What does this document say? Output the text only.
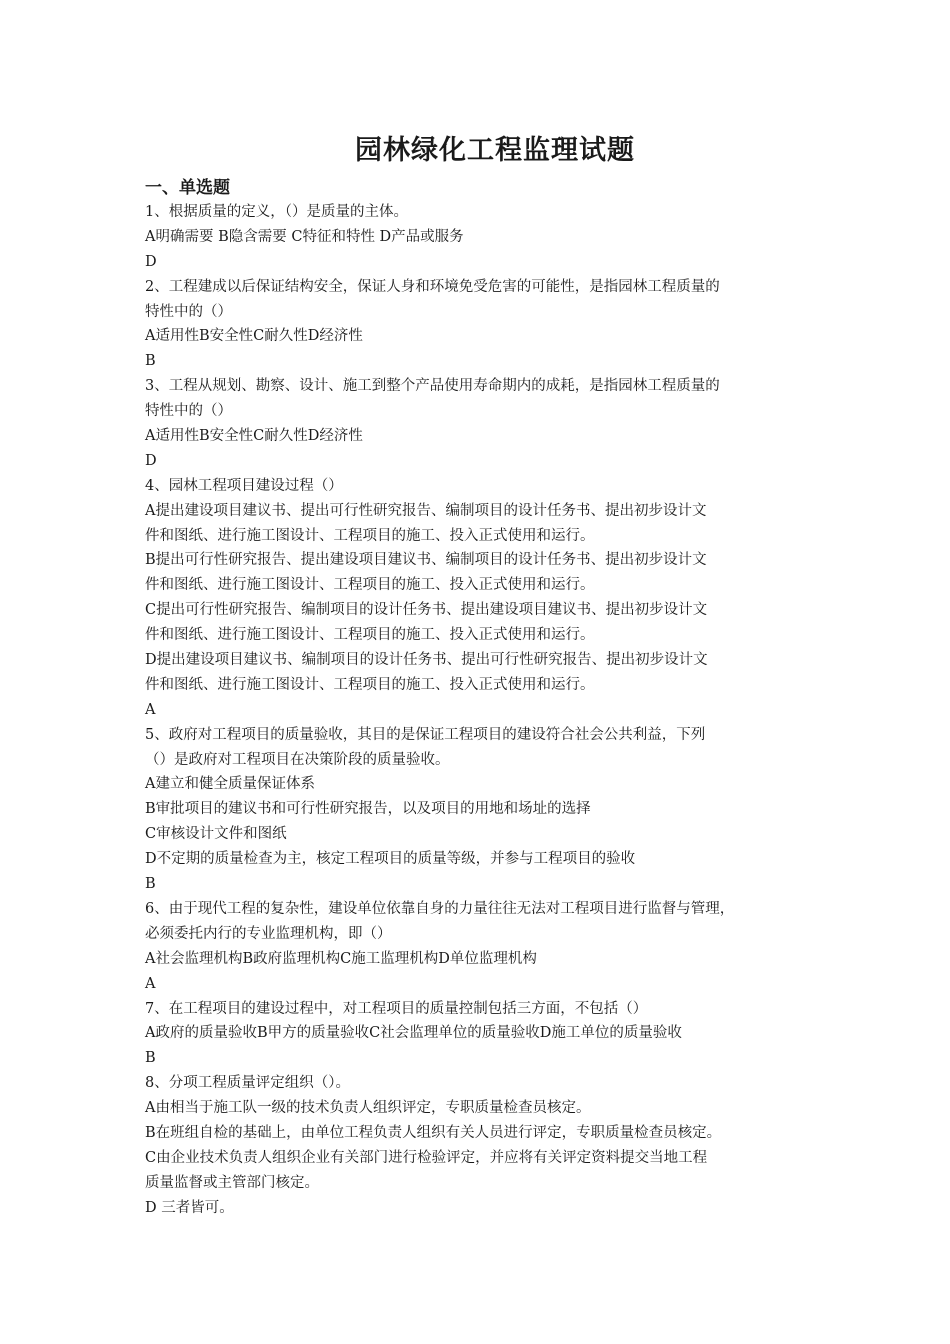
园林绿化工程监理试题
一、单选题
1、根据质量的定义，（）是质量的主体。
A明确需要 B隐含需要 C特征和特性 D产品或服务
D
2、工程建成以后保证结构安全，保证人身和环境免受危害的可能性，是指园林工程质量的
特性中的（）
A适用性B安全性C耐久性D经济性
B
3、工程从规划、勘察、设计、施工到整个产品使用寿命期内的成耗，是指园林工程质量的
特性中的（）
A适用性B安全性C耐久性D经济性
D
4、园林工程项目建设过程（）
A提出建设项目建议书、提出可行性研究报告、编制项目的设计任务书、提出初步设计文
件和图纸、进行施工图设计、工程项目的施工、投入正式使用和运行。
B提出可行性研究报告、提出建设项目建议书、编制项目的设计任务书、提出初步设计文
件和图纸、进行施工图设计、工程项目的施工、投入正式使用和运行。
C提出可行性研究报告、编制项目的设计任务书、提出建设项目建议书、提出初步设计文
件和图纸、进行施工图设计、工程项目的施工、投入正式使用和运行。
D提出建设项目建议书、编制项目的设计任务书、提出可行性研究报告、提出初步设计文
件和图纸、进行施工图设计、工程项目的施工、投入正式使用和运行。
A
5、政府对工程项目的质量验收，其目的是保证工程项目的建设符合社会公共利益，下列
（）是政府对工程项目在决策阶段的质量验收。
A建立和健全质量保证体系
B审批项目的建议书和可行性研究报告，以及项目的用地和场址的选择
C审核设计文件和图纸
D不定期的质量检查为主，核定工程项目的质量等级，并参与工程项目的验收
B
6、由于现代工程的复杂性，建设单位依靠自身的力量往往无法对工程项目进行监督与管理，
必须委托内行的专业监理机构，即（）
A社会监理机构B政府监理机构C施工监理机构D单位监理机构
A
7、在工程项目的建设过程中，对工程项目的质量控制包括三方面，不包括（）
A政府的质量验收B甲方的质量验收C社会监理单位的质量验收D施工单位的质量验收
B
8、分项工程质量评定组织（）。
A由相当于施工队一级的技术负责人组织评定，专职质量检查员核定。
B在班组自检的基础上，由单位工程负责人组织有关人员进行评定，专职质量检查员核定。
C由企业技术负责人组织企业有关部门进行检验评定，并应将有关评定资料提交当地工程
质量监督或主管部门核定。
D 三者皆可。
